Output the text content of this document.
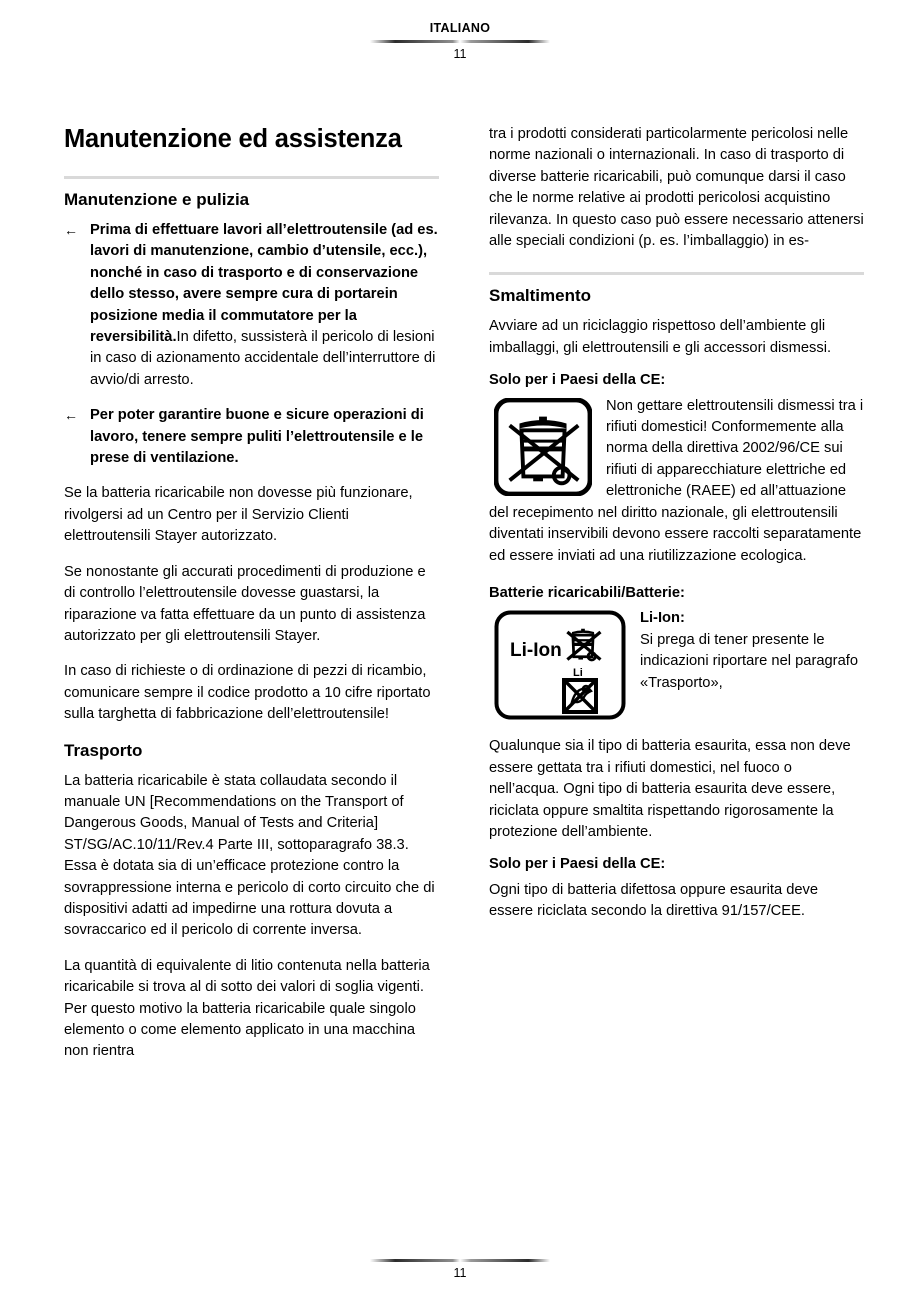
ITALIANO
11
Manutenzione ed assistenza
Manutenzione e pulizia
← Prima di effettuare lavori all’elettroutensile (ad es. lavori di manutenzione, cambio d’utensile, ecc.), nonché in caso di trasporto e di conservazione dello stesso, avere sempre cura di portarein posizione media il commutatore per la reversibilità.In difetto, sussisterà il pericolo di lesioni in caso di azionamento accidentale dell’interruttore di avvio/di arresto.
← Per poter garantire buone e sicure operazioni di lavoro, tenere sempre puliti l’elettroutensile e le prese di ventilazione.

Se la batteria ricaricabile non dovesse più funzionare, rivolgersi ad un Centro per il Servizio Clienti elettroutensili Stayer autorizzato.

Se nonostante gli accurati procedimenti di produzione e di controllo l’elettroutensile dovesse guastarsi, la riparazione va fatta effettuare da un punto di assistenza autorizzato per gli elettroutensili Stayer.

In caso di richieste o di ordinazione di pezzi di ricambio, comunicare sempre il codice prodotto a 10 cifre riportato sulla targhetta di fabbricazione dell’elettroutensile!

Trasporto

La batteria ricaricabile è stata collaudata secondo il manuale UN [Recommendations on the Transport of Dangerous Goods, Manual of Tests and Criteria] ST/SG/AC.10/11/Rev.4 Parte III, sottoparagrafo 38.3. Essa è dotata sia di un’efficace protezione contro la sovrappressione interna e pericolo di corto circuito che di dispositivi adatti ad impedirne una rottura dovuta a sovraccarico ed il pericolo di corrente inversa.

La quantità di equivalente di litio contenuta nella batteria ricaricabile si trova al di sotto dei valori di soglia vigenti. Per questo motivo la batteria ricaricabile quale singolo elemento o come elemento applicato in una macchina non rientra

tra i prodotti considerati particolarmente pericolosi nelle norme nazionali o internazionali. In caso di trasporto di diverse batterie ricaricabili, può comunque darsi il caso che le norme relative ai prodotti pericolosi acquistino rilevanza. In questo caso può essere necessario attenersi alle speciali condizioni (p. es. l’imballaggio) in es-

Smaltimento

Avviare ad un riciclaggio rispettoso dell’ambiente gli imballaggi, gli elettroutensili e gli accessori dismessi.

Solo per i Paesi della CE:

Non gettare elettroutensili dismessi tra i rifiuti domestici! Conformemente alla norma della direttiva 2002/96/CE sui rifiuti di apparecchiature elettriche ed elettroniche (RAEE) ed all’attuazione del recepimento nel diritto nazionale, gli elettroutensili diventati inservibili devono essere raccolti separatamente ed essere inviati ad una riutilizzazione ecologica.

Batterie ricaricabili/Batterie:

Li-Ion
Li
Li-Ion:
Si prega di tener presente le indicazioni riportare nel paragrafo «Trasporto»,

Qualunque sia il tipo di batteria esaurita, essa non deve essere gettata tra i rifiuti domestici, nel fuoco o nell’acqua. Ogni tipo di batteria esaurita deve essere, riciclata oppure smaltita rispettando rigorosamente la protezione dell’ambiente.

Solo per i Paesi della CE:

Ogni tipo di batteria difettosa oppure esaurita deve essere riciclata secondo la direttiva 91/157/CEE.

11
